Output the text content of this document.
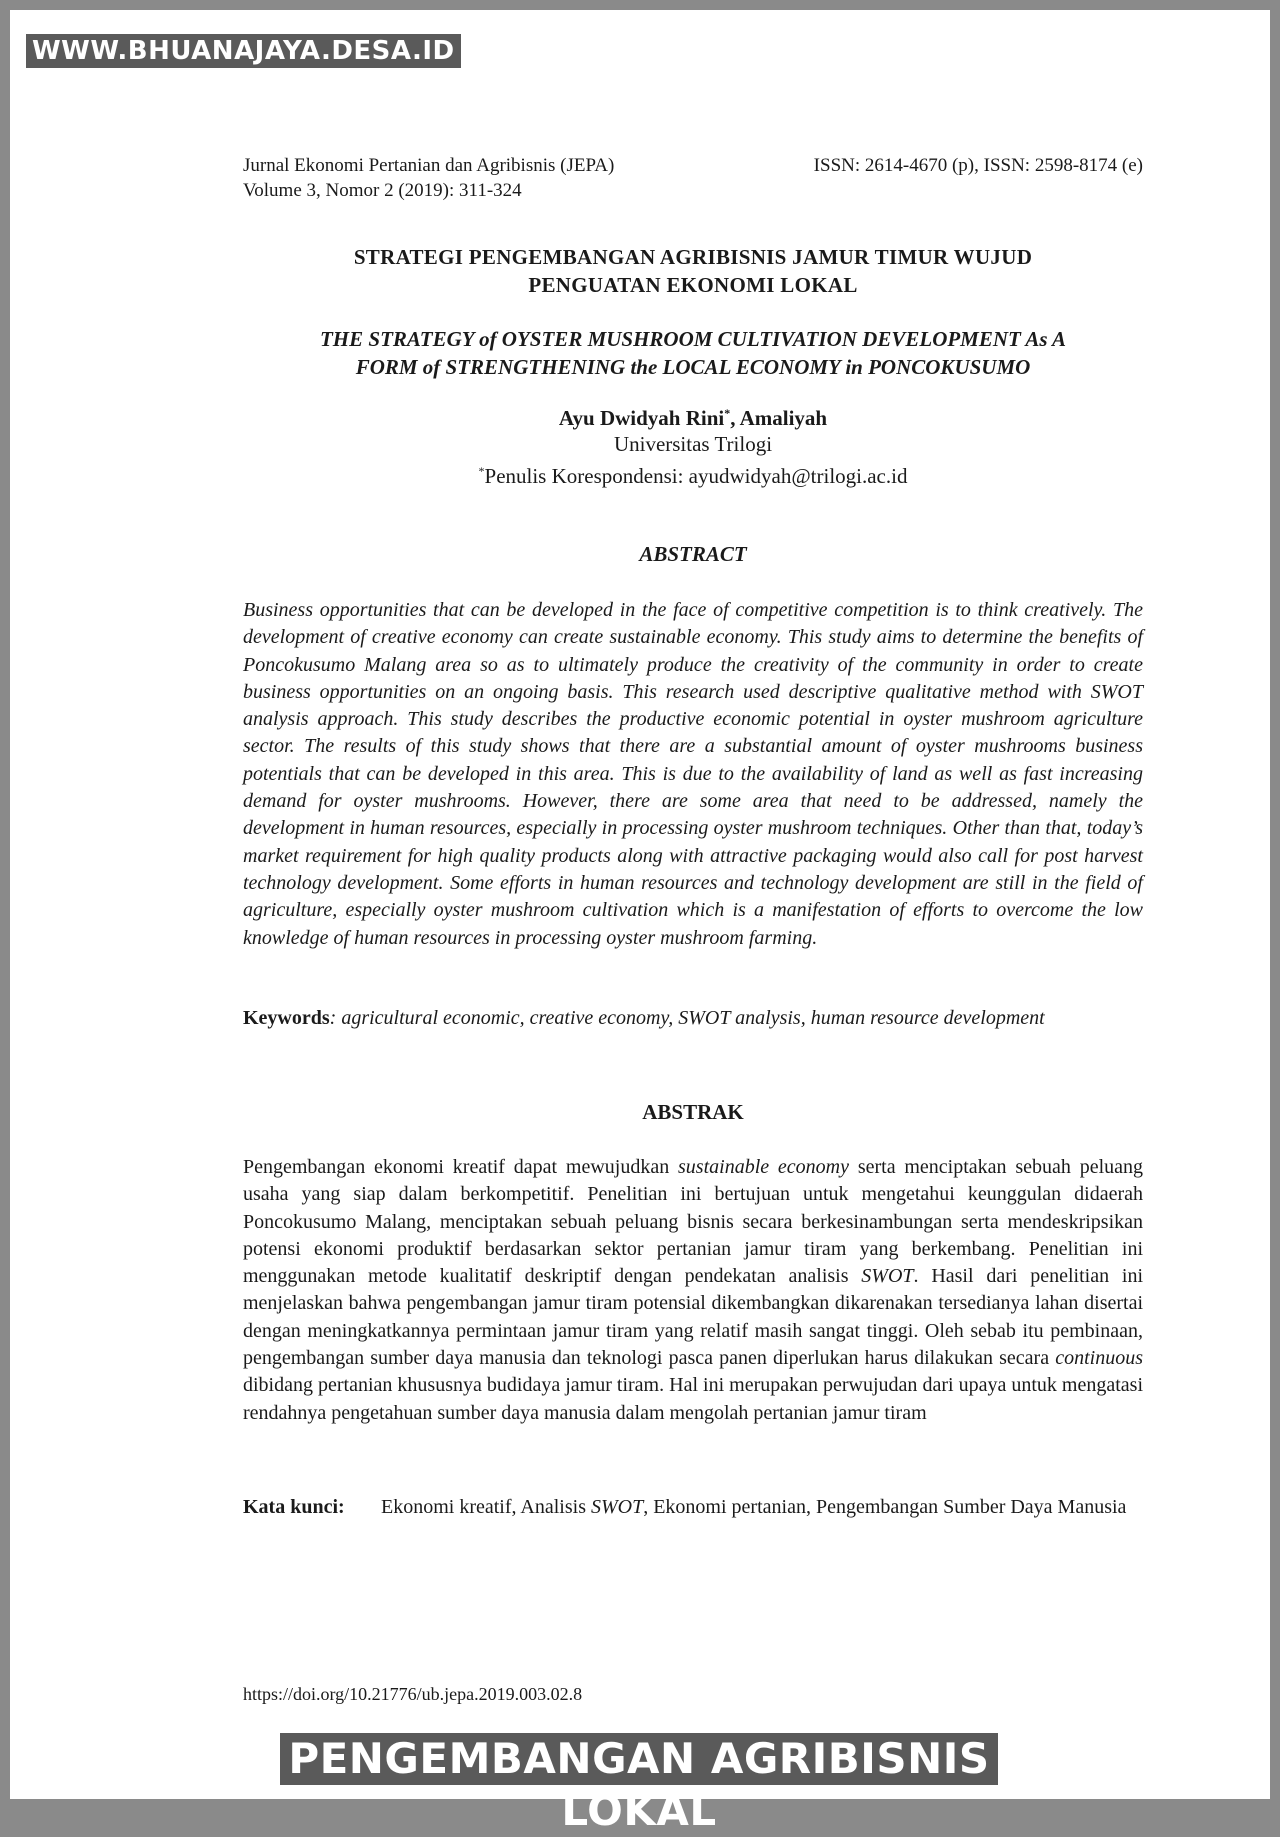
WWW.BHUANAJAYA.DESA.ID
Jurnal Ekonomi Pertanian dan Agribisnis (JEPA)	ISSN: 2614-4670 (p), ISSN: 2598-8174 (e)
Volume 3, Nomor 2 (2019): 311-324
STRATEGI PENGEMBANGAN AGRIBISNIS JAMUR TIMUR WUJUD
PENGUATAN EKONOMI LOKAL
THE STRATEGY of OYSTER MUSHROOM CULTIVATION DEVELOPMENT As A
FORM of STRENGTHENING the LOCAL ECONOMY in PONCOKUSUMO
Ayu Dwidyah Rini*, Amaliyah
Universitas Trilogi
*Penulis Korespondensi: ayudwidyah@trilogi.ac.id
ABSTRACT
Business opportunities that can be developed in the face of competitive competition is to think creatively. The development of creative economy can create sustainable economy. This study aims to determine the benefits of Poncokusumo Malang area so as to ultimately produce the creativity of the community in order to create business opportunities on an ongoing basis. This research used descriptive qualitative method with SWOT analysis approach. This study describes the productive economic potential in oyster mushroom agriculture sector. The results of this study shows that there are a substantial amount of oyster mushrooms business potentials that can be developed in this area. This is due to the availability of land as well as fast increasing demand for oyster mushrooms. However, there are some area that need to be addressed, namely the development in human resources, especially in processing oyster mushroom techniques. Other than that, today’s market requirement for high quality products along with attractive packaging would also call for post harvest technology development. Some efforts in human resources and technology development are still in the field of agriculture, especially oyster mushroom cultivation which is a manifestation of efforts to overcome the low knowledge of human resources in processing oyster mushroom farming.
Keywords : agricultural economic, creative economy, SWOT analysis, human resource development
ABSTRAK
Pengembangan ekonomi kreatif dapat mewujudkan sustainable economy serta menciptakan sebuah peluang usaha yang siap dalam berkompetitif. Penelitian ini bertujuan untuk mengetahui keunggulan didaerah Poncokusumo Malang, menciptakan sebuah peluang bisnis secara berkesinambungan serta mendeskripsikan potensi ekonomi produktif berdasarkan sektor pertanian jamur tiram yang berkembang. Penelitian ini menggunakan metode kualitatif deskriptif dengan pendekatan analisis SWOT. Hasil dari penelitian ini menjelaskan bahwa pengembangan jamur tiram potensial dikembangkan dikarenakan tersedianya lahan disertai dengan meningkatkannya permintaan jamur tiram yang relatif masih sangat tinggi. Oleh sebab itu pembinaan, pengembangan sumber daya manusia dan teknologi pasca panen diperlukan harus dilakukan secara continuous dibidang pertanian khususnya budidaya jamur tiram. Hal ini merupakan perwujudan dari upaya untuk mengatasi rendahnya pengetahuan sumber daya manusia dalam mengolah pertanian jamur tiram
Kata kunci:	Ekonomi kreatif, Analisis SWOT, Ekonomi pertanian, Pengembangan Sumber Daya Manusia
https://doi.org/10.21776/ub.jepa.2019.003.02.8
PENGEMBANGAN AGRIBISNIS LOKAL
